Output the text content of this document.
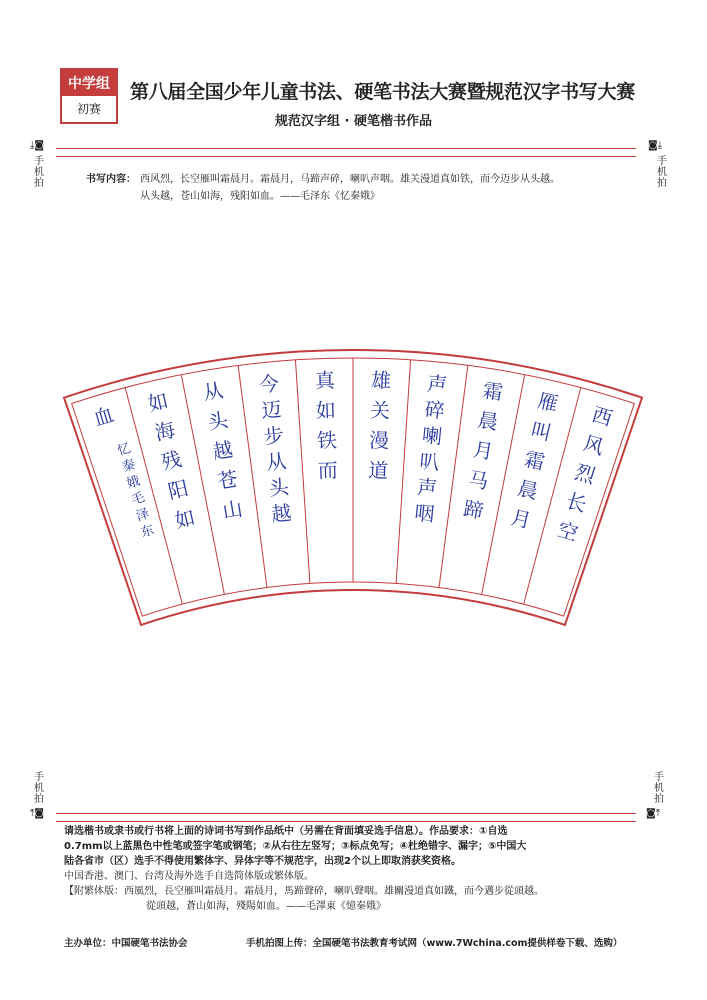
中学组
初赛
第八届全国少年儿童书法、硬笔书法大赛暨规范汉字书写大赛
规范汉字组 · 硬笔楷书作品
⤓◙
手机拍
◙⤓
手机拍
书写内容： 西风烈，长空雁叫霜晨月。霜晨月，马蹄声碎，喇叭声咽。雄关漫道真如铁，而今迈步从头越。
从头越，苍山如海，残阳如血。——毛泽东《忆秦娥》
西
风
烈
长
空
雁
叫
霜
晨
月
霜
晨
月
马
蹄
声
碎
喇
叭
声
咽
雄
关
漫
道
真
如
铁
而
今
迈
步
从
头
越
从
头
越
苍
山
如
海
残
阳
如
血
忆
秦
娥
毛
泽
东
手机拍
⤒◙
手机拍
◙⤒
请选楷书或隶书或行书将上面的诗词书写到作品纸中（另需在背面填妥选手信息）。作品要求：①自选
0.7mm以上蓝黑色中性笔或签字笔或钢笔；②从右往左竖写；③标点免写；④杜绝错字、漏字；⑤中国大
陆各省市（区）选手不得使用繁体字、异体字等不规范字，出现2个以上即取消获奖资格。
中国香港、澳门、台湾及海外选手自选简体版或繁体版。
【附繁体版：西風烈，長空雁叫霜晨月。霜晨月，馬蹄聲碎，喇叭聲咽。雄關漫道真如鐵，而今邁步從頭越。
從頭越，蒼山如海，殘陽如血。——毛澤東《憶秦娥》
主办单位：中国硬笔书法协会	手机拍图上传：全国硬笔书法教育考试网（www.7Wchina.com提供样卷下载、选购）
